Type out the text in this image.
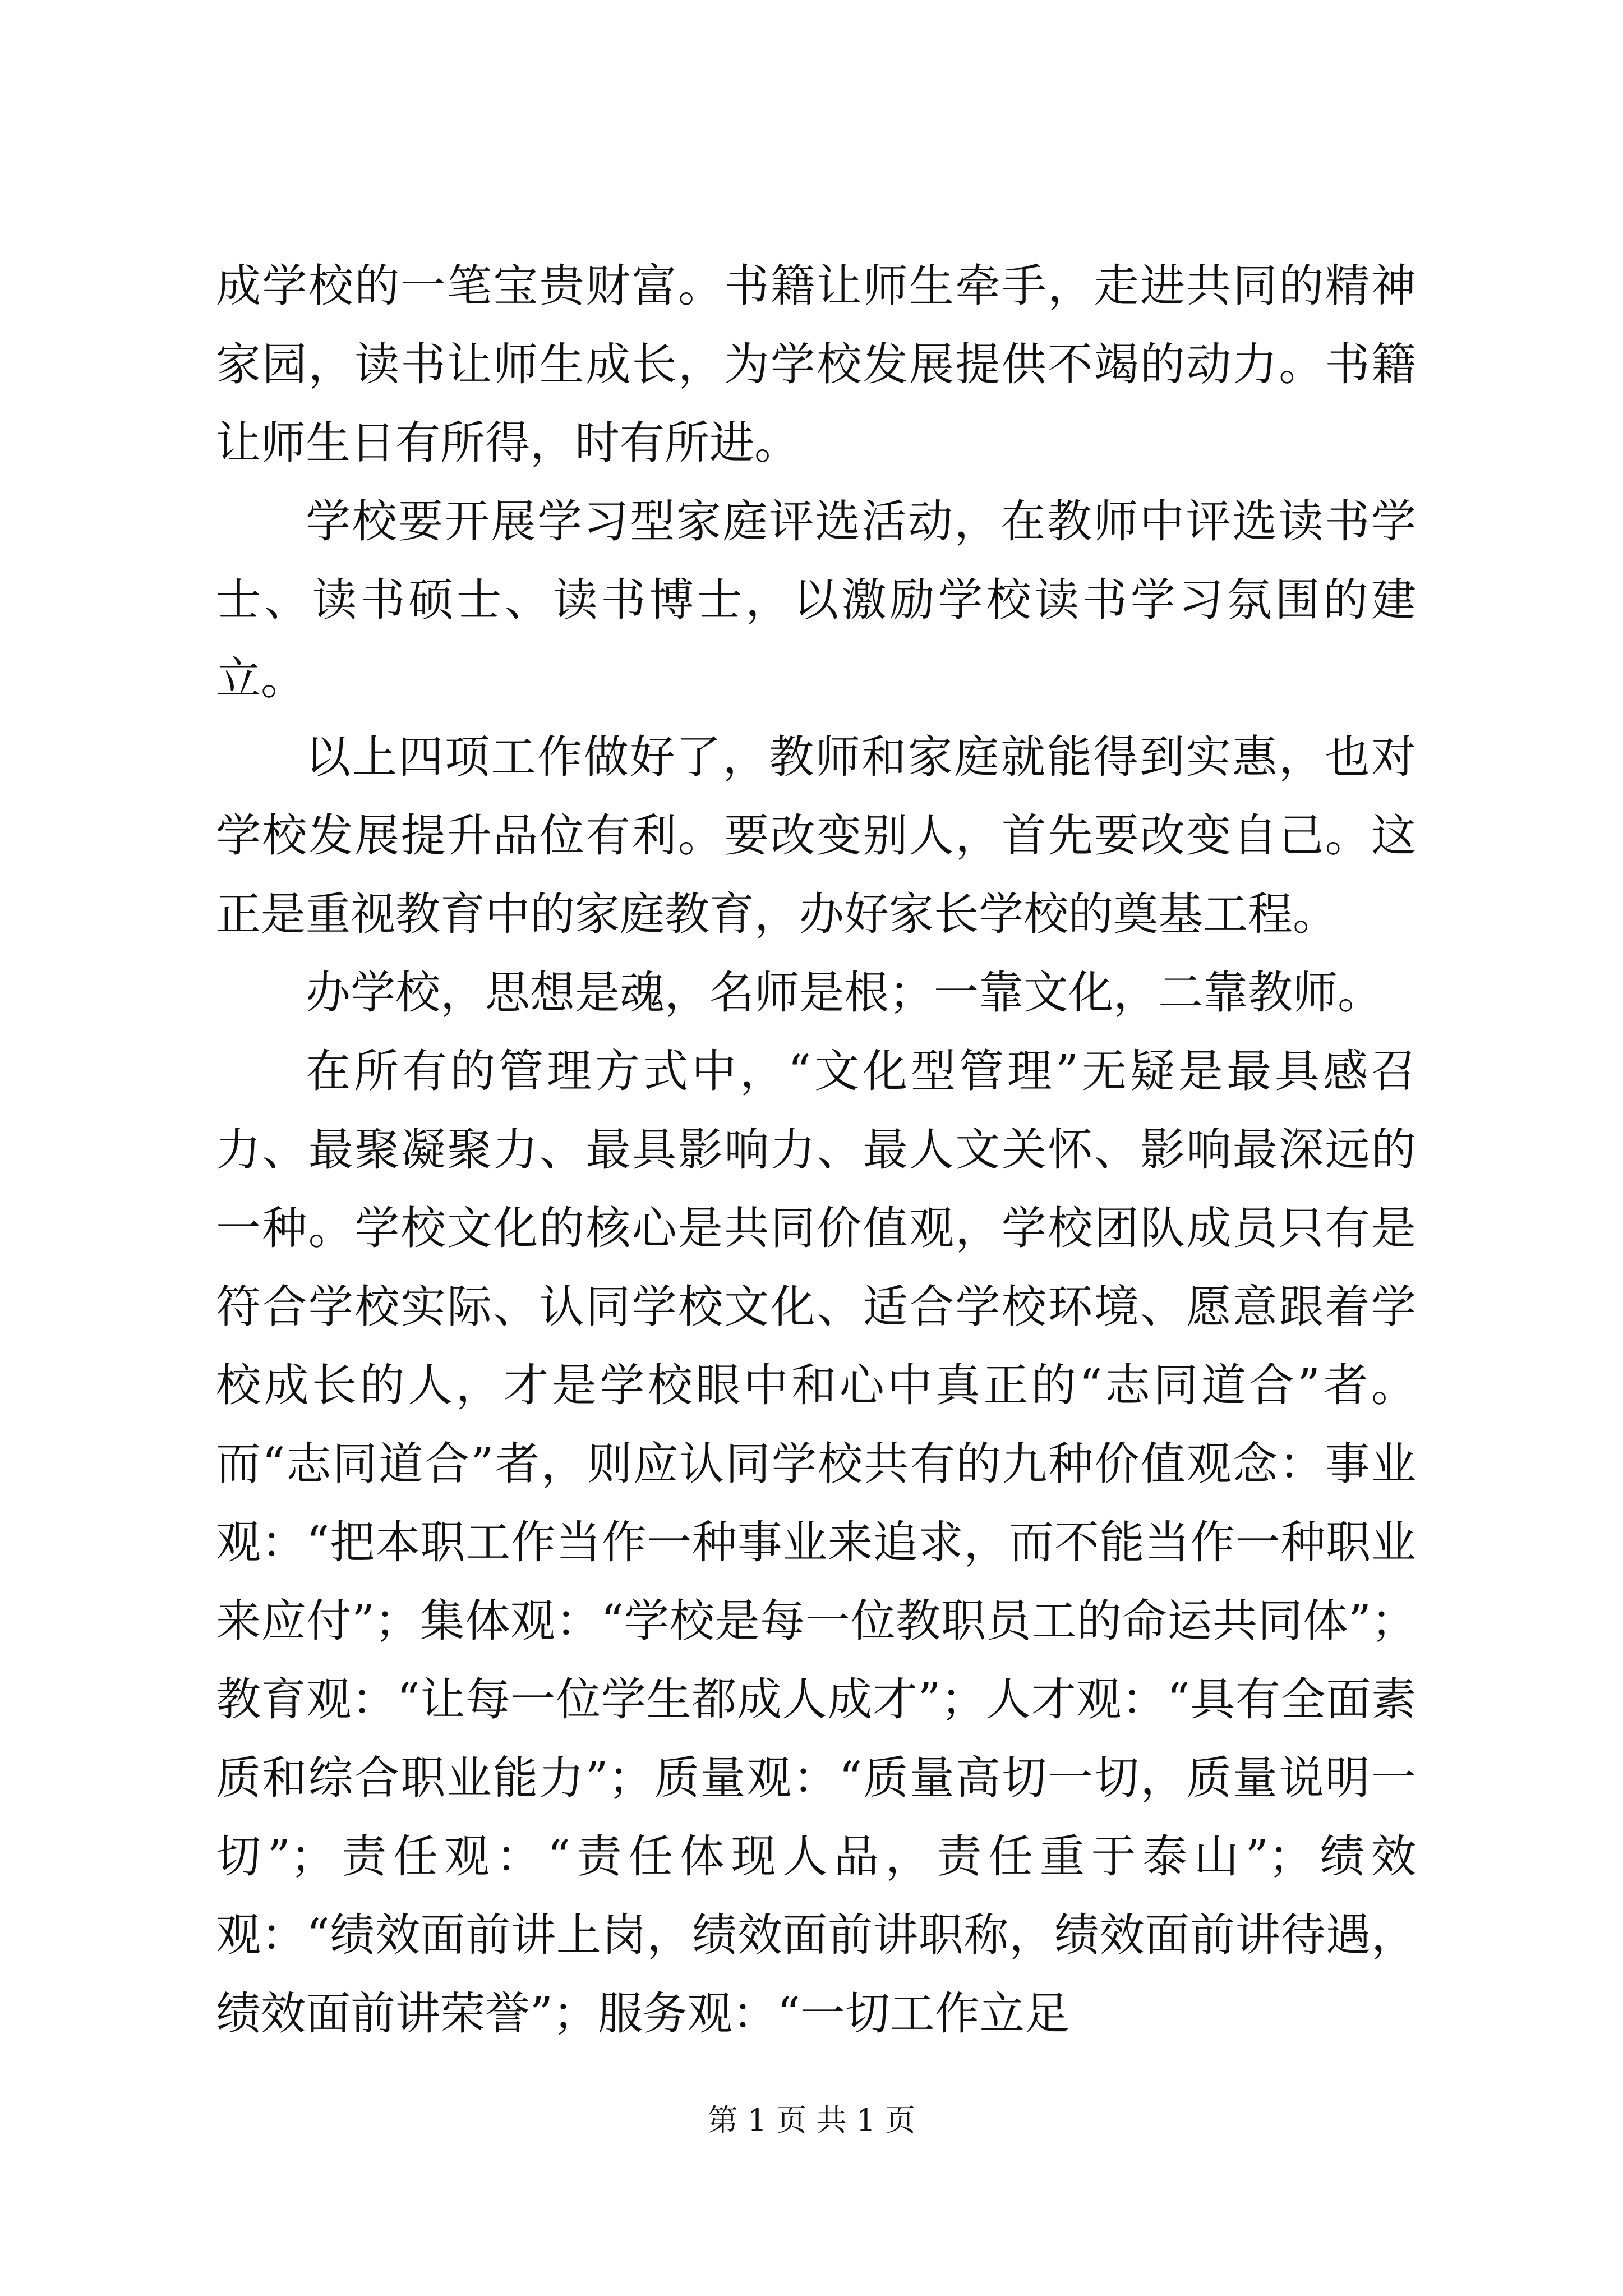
成学校的一笔宝贵财富。书籍让师生牵手，走进共同的精神家园，读书让师生成长，为学校发展提供不竭的动力。书籍让师生日有所得，时有所进。

学校要开展学习型家庭评选活动，在教师中评选读书学士、读书硕士、读书博士，以激励学校读书学习氛围的建立。

以上四项工作做好了，教师和家庭就能得到实惠，也对学校发展提升品位有利。要改变别人，首先要改变自己。这正是重视教育中的家庭教育，办好家长学校的奠基工程。

办学校，思想是魂，名师是根；一靠文化，二靠教师。

在所有的管理方式中，“文化型管理”无疑是最具感召力、最聚凝聚力、最具影响力、最人文关怀、影响最深远的一种。学校文化的核心是共同价值观，学校团队成员只有是符合学校实际、认同学校文化、适合学校环境、愿意跟着学校成长的人，才是学校眼中和心中真正的“志同道合”者。而“志同道合”者，则应认同学校共有的九种价值观念：事业观：“把本职工作当作一种事业来追求，而不能当作一种职业来应付”；集体观：“学校是每一位教职员工的命运共同体”；教育观：“让每一位学生都成人成才”；人才观：“具有全面素质和综合职业能力”；质量观：“质量高切一切，质量说明一切”；责任观：“责任体现人品，责任重于泰山”；绩效观：“绩效面前讲上岗，绩效面前讲职称，绩效面前讲待遇，绩效面前讲荣誉”；服务观：“一切工作立足

第 1 页 共 1 页
